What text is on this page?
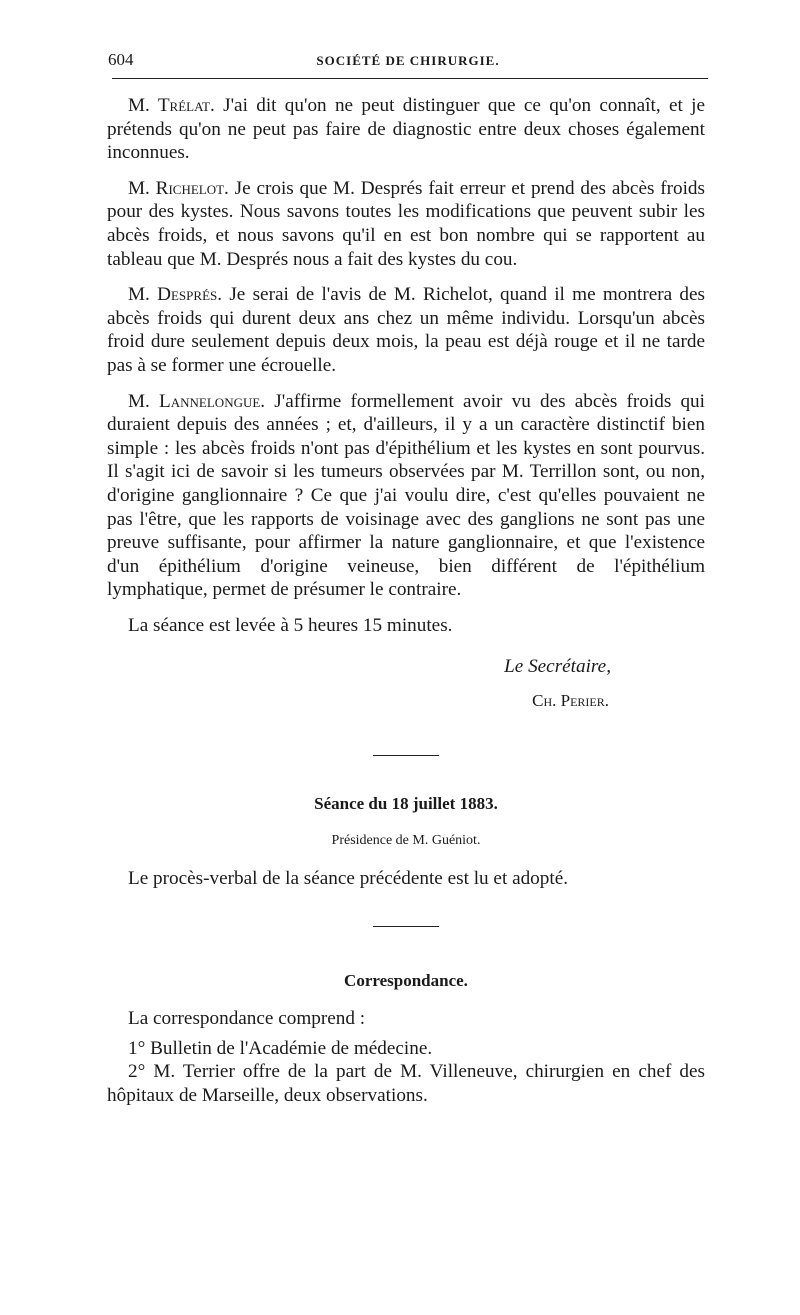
604	SOCIÉTÉ DE CHIRURGIE.

M. Trélat. J'ai dit qu'on ne peut distinguer que ce qu'on connaît, et je prétends qu'on ne peut pas faire de diagnostic entre deux choses également inconnues.

M. Richelot. Je crois que M. Després fait erreur et prend des abcès froids pour des kystes. Nous savons toutes les modifications que peuvent subir les abcès froids, et nous savons qu'il en est bon nombre qui se rapportent au tableau que M. Després nous a fait des kystes du cou.

M. Després. Je serai de l'avis de M. Richelot, quand il me montrera des abcès froids qui durent deux ans chez un même individu. Lorsqu'un abcès froid dure seulement depuis deux mois, la peau est déjà rouge et il ne tarde pas à se former une écrouelle.

M. Lannelongue. J'affirme formellement avoir vu des abcès froids qui duraient depuis des années ; et, d'ailleurs, il y a un caractère distinctif bien simple : les abcès froids n'ont pas d'épithélium et les kystes en sont pourvus. Il s'agit ici de savoir si les tumeurs observées par M. Terrillon sont, ou non, d'origine ganglionnaire ? Ce que j'ai voulu dire, c'est qu'elles pouvaient ne pas l'être, que les rapports de voisinage avec des ganglions ne sont pas une preuve suffisante, pour affirmer la nature ganglionnaire, et que l'existence d'un épithélium d'origine veineuse, bien différent de l'épithélium lymphatique, permet de présumer le contraire.

La séance est levée à 5 heures 15 minutes.

Le Secrétaire,
Ch. Perier.
Séance du 18 juillet 1883.
Présidence de M. Guéniot.

Le procès-verbal de la séance précédente est lu et adopté.

Correspondance.

La correspondance comprend :

1° Bulletin de l'Académie de médecine.

2° M. Terrier offre de la part de M. Villeneuve, chirurgien en chef des hôpitaux de Marseille, deux observations.
